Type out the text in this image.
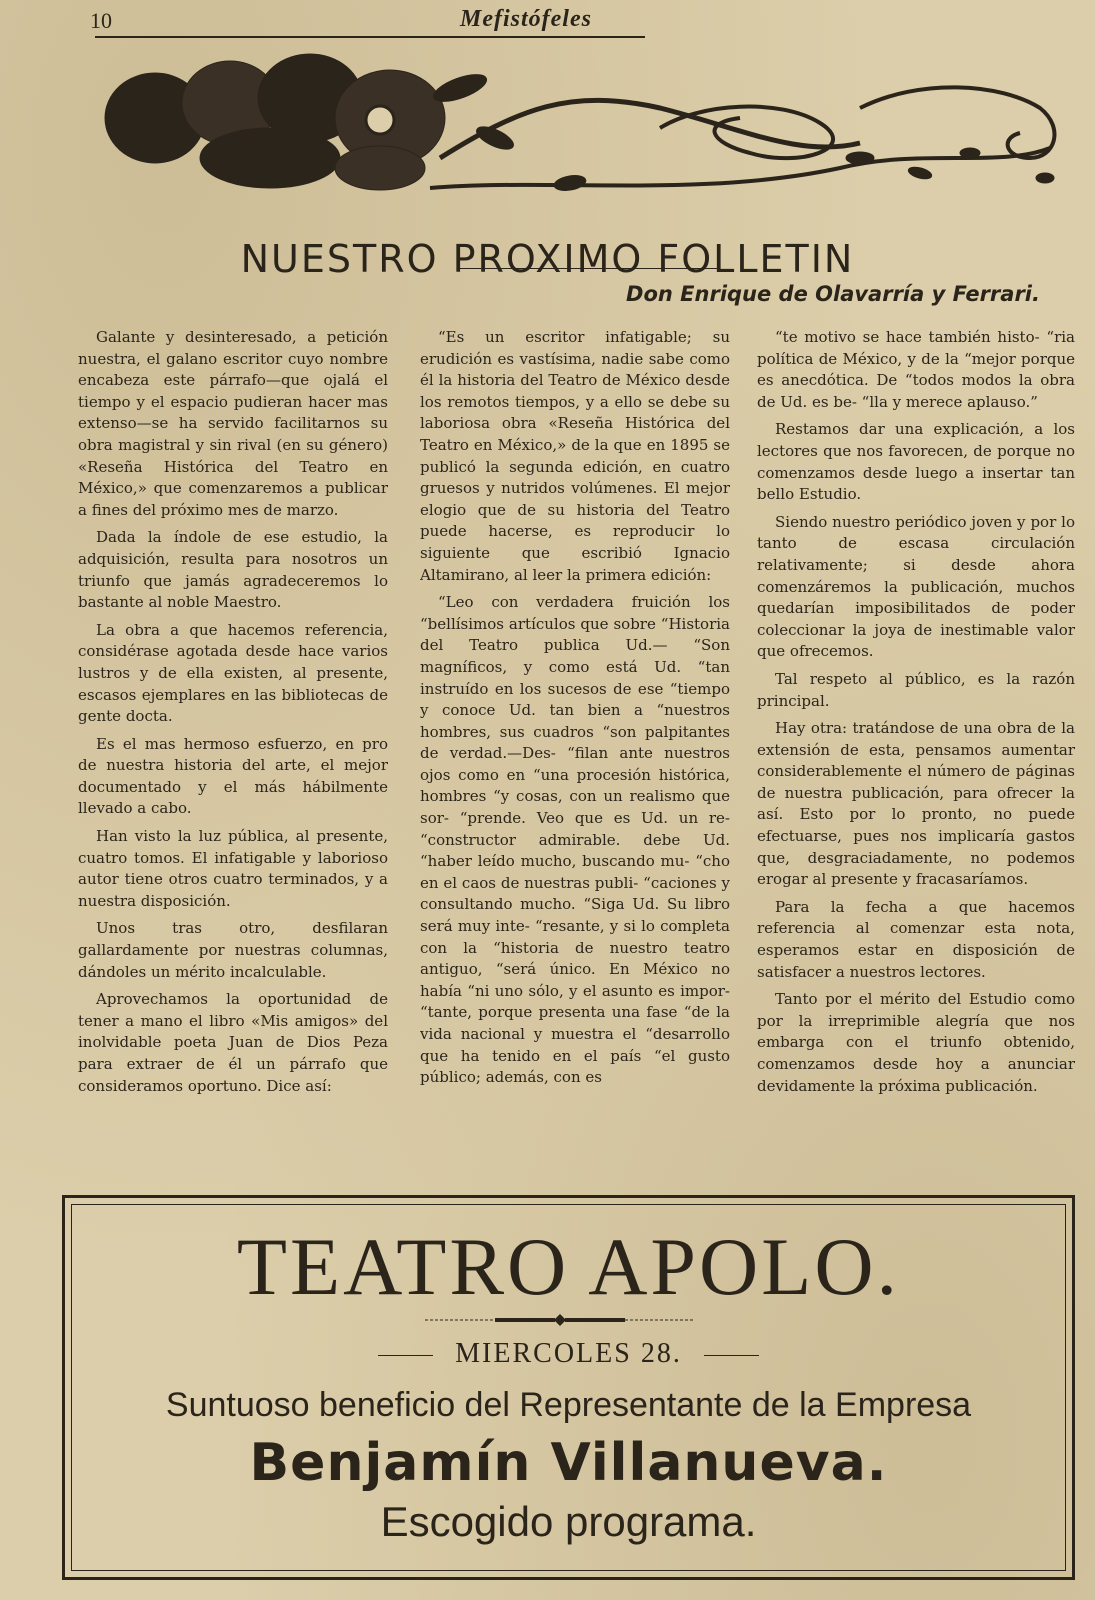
10	Mefistófeles
NUESTRO PROXIMO FOLLETIN
Don Enrique de Olavarría y Ferrari.

Galante y desinteresado, a petición nuestra, el galano escritor cuyo nombre encabeza este párrafo—que ojalá el tiempo y el espacio pudieran hacer mas extenso—se ha servido facilitarnos su obra magistral y sin rival (en su género) «Reseña Histórica del Teatro en México,» que comenzaremos a publicar a fines del próximo mes de marzo.

Dada la índole de ese estudio, la adquisición, resulta para nosotros un triunfo que jamás agradeceremos lo bastante al noble Maestro.

La obra a que hacemos referencia, considérase agotada desde hace varios lustros y de ella existen, al presente, escasos ejemplares en las bibliotecas de gente docta.

Es el mas hermoso esfuerzo, en pro de nuestra historia del arte, el mejor documentado y el más hábilmente llevado a cabo.

Han visto la luz pública, al presente, cuatro tomos. El infatigable y laborioso autor tiene otros cuatro terminados, y a nuestra disposición.

Unos tras otro, desfilaran gallardamente por nuestras columnas, dándoles un mérito incalculable.

Aprovechamos la oportunidad de tener a mano el libro «Mis amigos» del inolvidable poeta Juan de Dios Peza para extraer de él un párrafo que consideramos oportuno. Dice así:

“Es un escritor infatigable; su erudición es vastísima, nadie sabe como él la historia del Teatro de México desde los remotos tiempos, y a ello se debe su laboriosa obra «Reseña Histórica del Teatro en México,» de la que en 1895 se publicó la segunda edición, en cuatro gruesos y nutridos volúmenes. El mejor elogio que de su historia del Teatro puede hacerse, es reproducir lo siguiente que escribió Ignacio Altamirano, al leer la primera edición:

“Leo con verdadera fruición los “bellísimos artículos que sobre “Historia del Teatro publica Ud.— “Son magníficos, y como está Ud. “tan instruído en los sucesos de ese “tiempo y conoce Ud. tan bien a “nuestros hombres, sus cuadros “son palpitantes de verdad.—Des- “filan ante nuestros ojos como en “una procesión histórica, hombres “y cosas, con un realismo que sor- “prende. Veo que es Ud. un re- “constructor admirable. debe Ud. “haber leído mucho, buscando mu- “cho en el caos de nuestras publi- “caciones y consultando mucho. “Siga Ud. Su libro será muy inte- “resante, y si lo completa con la “historia de nuestro teatro antiguo, “será único. En México no había “ni uno sólo, y el asunto es impor- “tante, porque presenta una fase “de la vida nacional y muestra el “desarrollo que ha tenido en el país “el gusto público; además, con es

“te motivo se hace también histo- “ria política de México, y de la “mejor porque es anecdótica. De “todos modos la obra de Ud. es be- “lla y merece aplauso.”

Restamos dar una explicación, a los lectores que nos favorecen, de porque no comenzamos desde luego a insertar tan bello Estudio.

Siendo nuestro periódico joven y por lo tanto de escasa circulación relativamente; si desde ahora comenzáremos la publicación, muchos quedarían imposibilitados de poder coleccionar la joya de inestimable valor que ofrecemos.

Tal respeto al público, es la razón principal.

Hay otra: tratándose de una obra de la extensión de esta, pensamos aumentar considerablemente el número de páginas de nuestra publicación, para ofrecer la así. Esto por lo pronto, no puede efectuarse, pues nos implicaría gastos que, desgraciadamente, no podemos erogar al presente y fracasaríamos.

Para la fecha a que hacemos referencia al comenzar esta nota, esperamos estar en disposición de satisfacer a nuestros lectores.

Tanto por el mérito del Estudio como por la irreprimible alegría que nos embarga con el triunfo obtenido, comenzamos desde hoy a anunciar devidamente la próxima publicación.

TEATRO APOLO.
MIERCOLES 28.
Suntuoso beneficio del Representante de la Empresa
Benjamín Villanueva.
Escogido programa.
